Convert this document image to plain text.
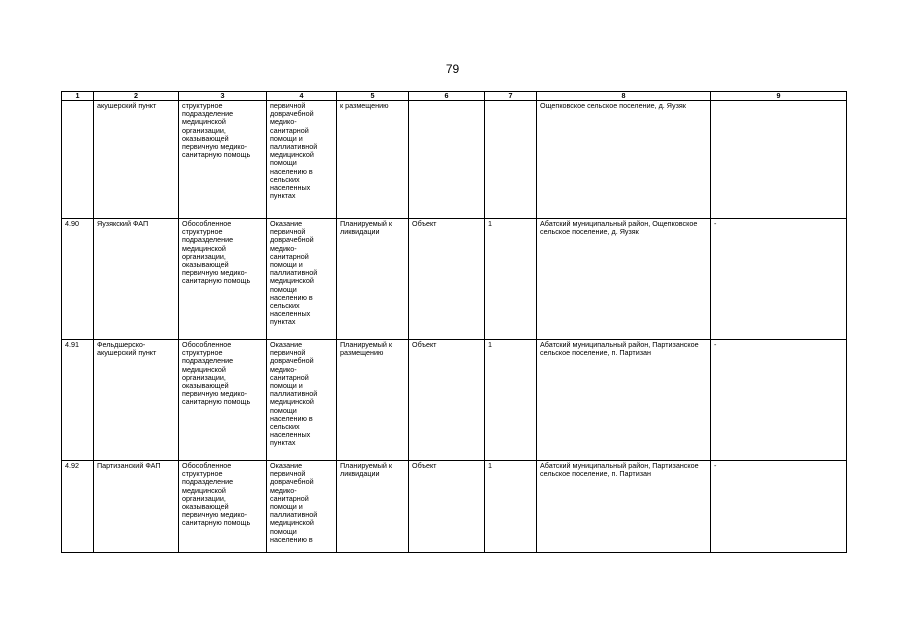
79
1	2	3	4	5	6	7	8	9
	акушерский пункт	структурное подразделение медицинской организации, оказывающей первичную медико-санитарную помощь	первичной доврачебной медико-санитарной помощи и паллиативной медицинской помощи населению в сельских населенных пунктах	к размещению			Ощепковское сельское поселение, д. Яузяк	
4.90	Яузякский ФАП	Обособленное структурное подразделение медицинской организации, оказывающей первичную медико-санитарную помощь	Оказание первичной доврачебной медико-санитарной помощи и паллиативной медицинской помощи населению в сельских населенных пунктах	Планируемый к ликвидации	Объект	1	Абатский муниципальный район, Ощепковское сельское поселение, д. Яузяк	-
4.91	Фельдшерско-акушерский пункт	Обособленное структурное подразделение медицинской организации, оказывающей первичную медико-санитарную помощь	Оказание первичной доврачебной медико-санитарной помощи и паллиативной медицинской помощи населению в сельских населенных пунктах	Планируемый к размещению	Объект	1	Абатский муниципальный район, Партизанское сельское поселение, п. Партизан	-
4.92	Партизанский ФАП	Обособленное структурное подразделение медицинской организации, оказывающей первичную медико-санитарную помощь	Оказание первичной доврачебной медико-санитарной помощи и паллиативной медицинской помощи населению в	Планируемый к ликвидации	Объект	1	Абатский муниципальный район, Партизанское сельское поселение, п. Партизан	-
